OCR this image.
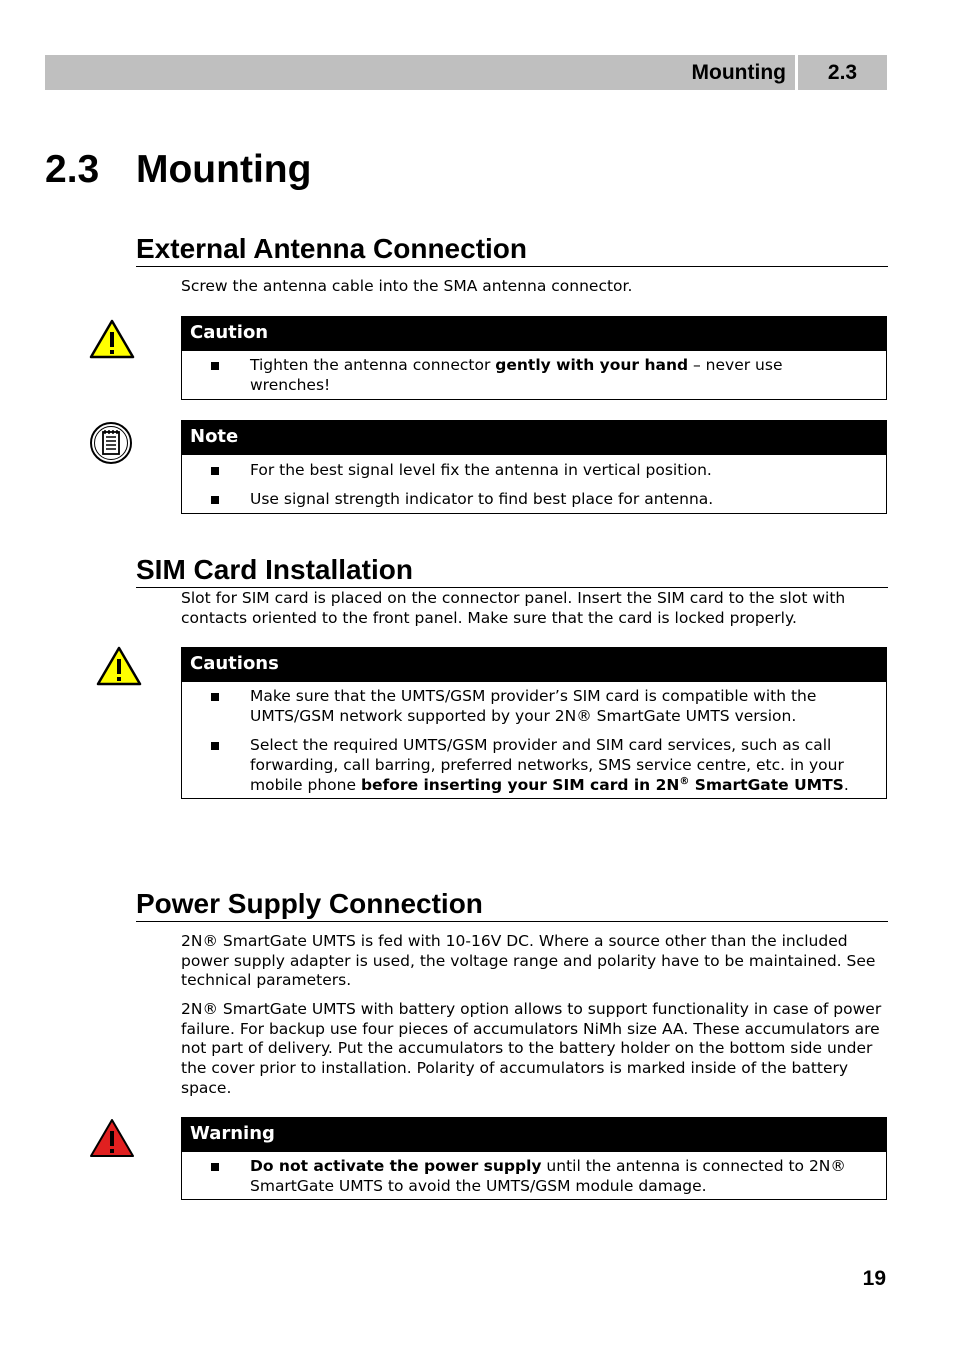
Mounting	2.3
2.3 Mounting
External Antenna Connection
Screw the antenna cable into the SMA antenna connector.
Caution
Tighten the antenna connector gently with your hand – never use wrenches!
Note
For the best signal level fix the antenna in vertical position.
Use signal strength indicator to find best place for antenna.
SIM Card Installation
Slot for SIM card is placed on the connector panel. Insert the SIM card to the slot with contacts oriented to the front panel. Make sure that the card is locked properly.
Cautions
Make sure that the UMTS/GSM provider’s SIM card is compatible with the UMTS/GSM network supported by your 2N® SmartGate UMTS version.
Select the required UMTS/GSM provider and SIM card services, such as call forwarding, call barring, preferred networks, SMS service centre, etc. in your mobile phone before inserting your SIM card in 2N® SmartGate UMTS.
Power Supply Connection
2N® SmartGate UMTS is fed with 10-16V DC. Where a source other than the included power supply adapter is used, the voltage range and polarity have to be maintained. See technical parameters.
2N® SmartGate UMTS with battery option allows to support functionality in case of power failure. For backup use four pieces of accumulators NiMh size AA. These accumulators are not part of delivery. Put the accumulators to the battery holder on the bottom side under the cover prior to installation. Polarity of accumulators is marked inside of the battery space.
Warning
Do not activate the power supply until the antenna is connected to 2N® SmartGate UMTS to avoid the UMTS/GSM module damage.
19
